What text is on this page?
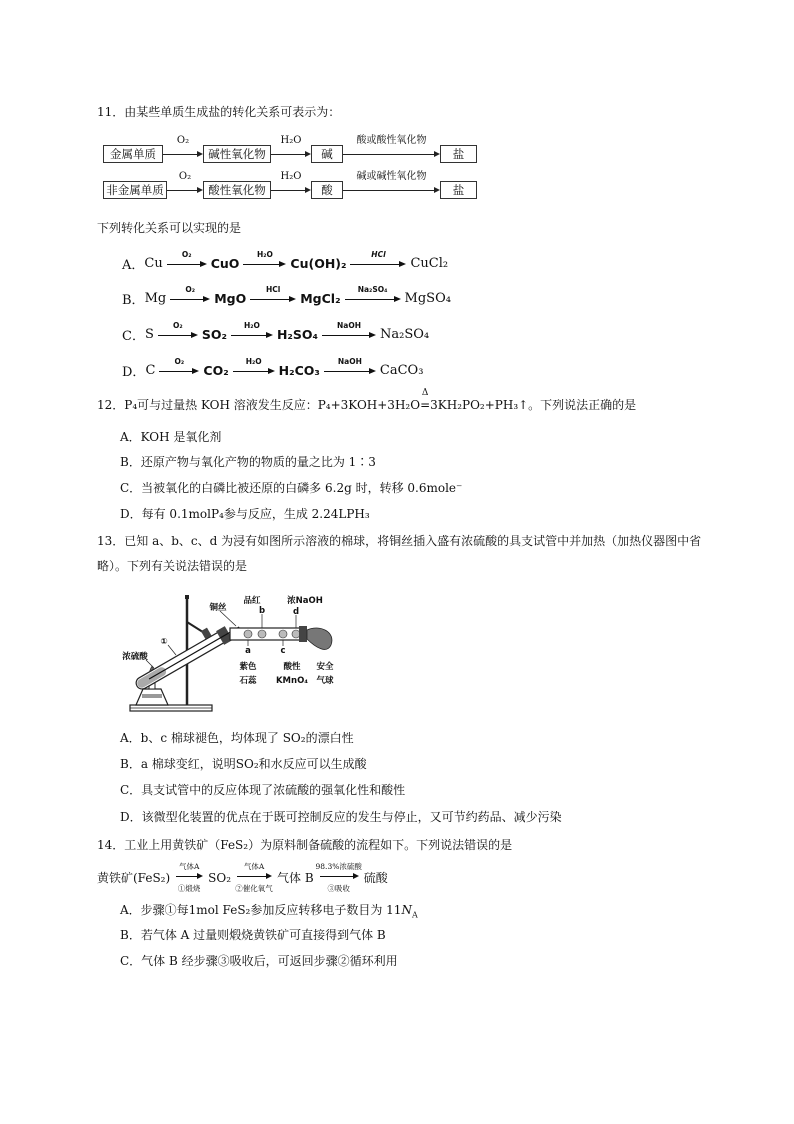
11．由某些单质生成盐的转化关系可表示为：
金属单质
O₂
碱性氧化物
H₂O
碱
酸或酸性氧化物
盐
非金属单质
O₂
酸性氧化物
H₂O
酸
碱或碱性氧化物
盐
下列转化关系可以实现的是
A． Cu
O₂
CuO
H₂O
Cu(OH)₂
HCl
CuCl₂
B． Mg
O₂
MgO
HCl
MgCl₂
Na₂SO₄
MgSO₄
C． S
O₂
SO₂
H₂O
H₂SO₄
NaOH
Na₂SO₄
D． C
O₂
CO₂
H₂O
H₂CO₃
NaOH
CaCO₃
12．P₄可与过量热 KOH 溶液发生反应：P₄+3KOH+3H₂O
Δ
=3KH₂PO₂+PH₃↑。下列说法正确的是
A．KOH 是氧化剂
B．还原产物与氧化产物的物质的量之比为 1∶3
C．当被氧化的白磷比被还原的白磷多 6.2g 时，转移 0.6mole⁻
D．每有 0.1molP₄参与反应，生成 2.24LPH₃
13．已知 a、b、c、d 为浸有如图所示溶液的棉球，将铜丝插入盛有浓硫酸的具支试管中并加热（加热仪器图中省
略）。下列有关说法错误的是
铜丝
①
浓硫酸
品红
b
浓NaOH
d
a	c
紫色
石蕊
酸性
KMnO₄
安全
气球
A．b、c 棉球褪色，均体现了 SO₂的漂白性
B．a 棉球变红，说明SO₂和水反应可以生成酸
C．具支试管中的反应体现了浓硫酸的强氧化性和酸性
D．该微型化装置的优点在于既可控制反应的发生与停止，又可节约药品、减少污染
14．工业上用黄铁矿（FeS₂）为原料制备硫酸的流程如下。下列说法错误的是
黄铁矿(FeS₂)
气体A
①煅烧
SO₂
气体A
②催化氧气
气体 B
98.3%浓硫酸
③吸收
硫酸
A．步骤①每1mol FeS₂参加反应转移电子数目为 $11N_A$
B．若气体 A 过量则煅烧黄铁矿可直接得到气体 B
C．气体 B 经步骤③吸收后，可返回步骤②循环利用
